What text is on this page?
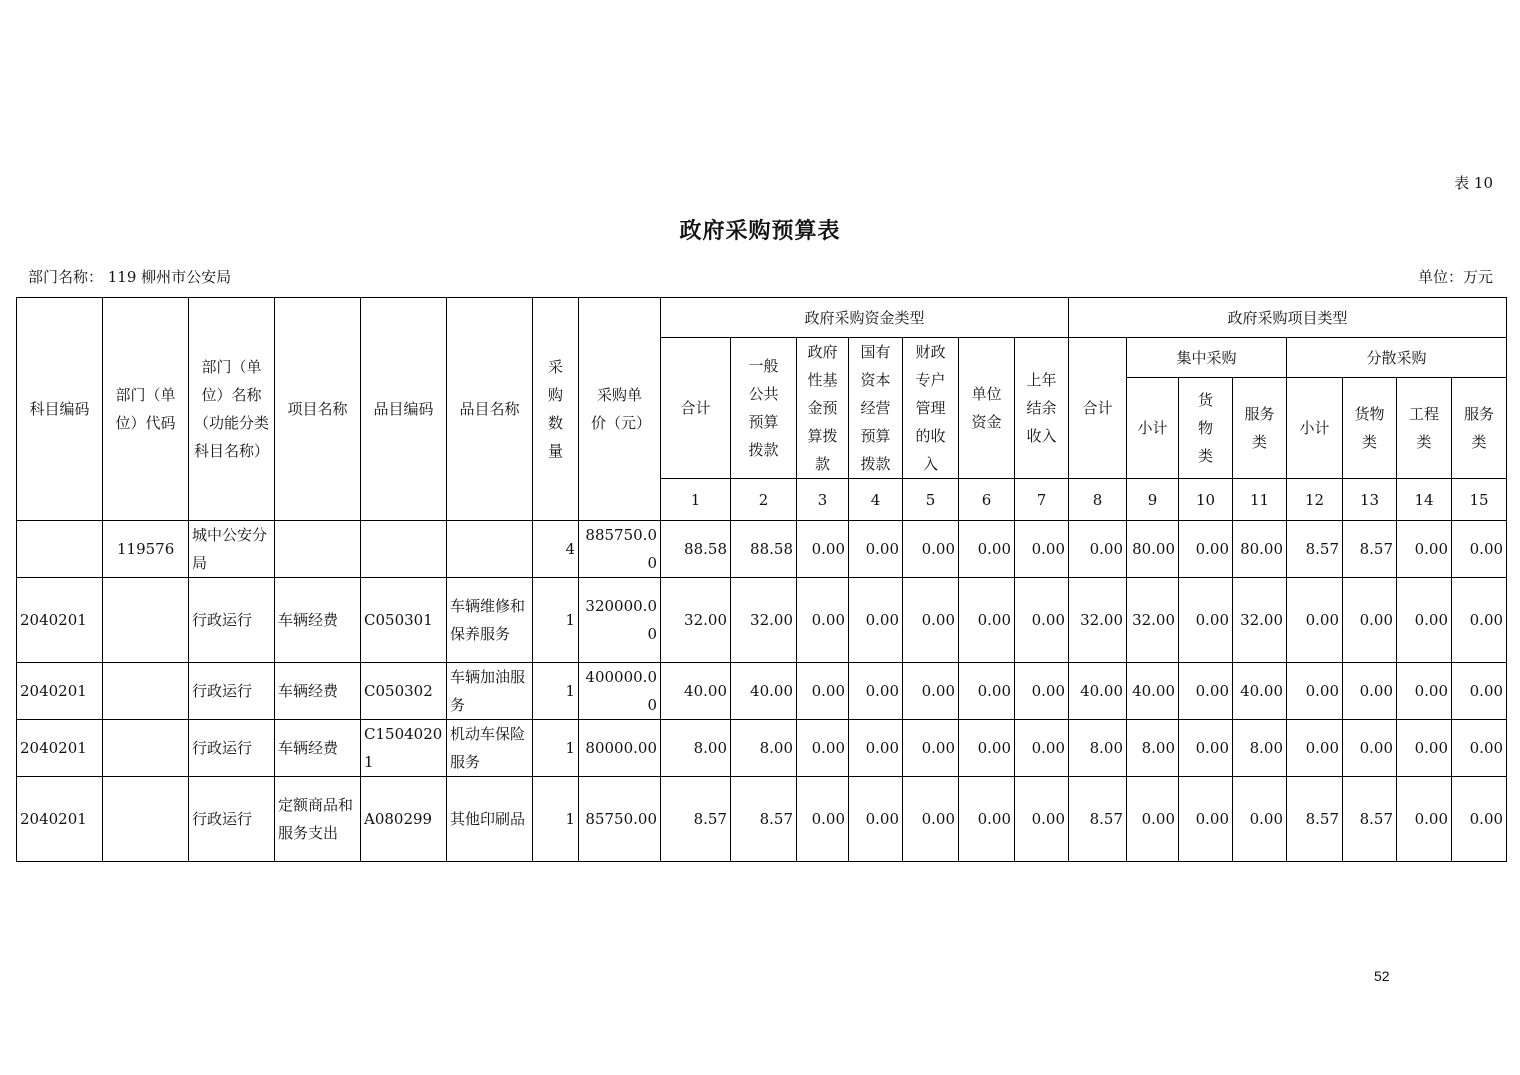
表 10
政府采购预算表
部门名称： 119 柳州市公安局	单位：万元
科目编码	部门（单位）代码	部门（单位）名称（功能分类科目名称）	项目名称	品目编码	品目名称	采购数量	采购单价（元）	政府采购资金类型							政府采购项目类型							
								合计	一般公共预算拨款	政府性基金预算拨款	国有资本经营预算拨款	财政专户管理的收入	单位资金	上年结余收入	合计	集中采购			分散采购			
																小计	货物类	服务类	小计	货物类	工程类	服务类
								1	2	3	4	5	6	7	8	9	10	11	12	13	14	15
	119576	城中公安分局				4	885750.00	88.58	88.58	0.00	0.00	0.00	0.00	0.00	0.00	80.00	0.00	80.00	8.57	8.57	0.00	0.00
2040201		行政运行	车辆经费	C050301	车辆维修和保养服务	1	320000.00	32.00	32.00	0.00	0.00	0.00	0.00	0.00	32.00	32.00	0.00	32.00	0.00	0.00	0.00	0.00
2040201		行政运行	车辆经费	C050302	车辆加油服务	1	400000.00	40.00	40.00	0.00	0.00	0.00	0.00	0.00	40.00	40.00	0.00	40.00	0.00	0.00	0.00	0.00
2040201		行政运行	车辆经费	C15040201	机动车保险服务	1	80000.00	8.00	8.00	0.00	0.00	0.00	0.00	0.00	8.00	8.00	0.00	8.00	0.00	0.00	0.00	0.00
2040201		行政运行	定额商品和服务支出	A080299	其他印刷品	1	85750.00	8.57	8.57	0.00	0.00	0.00	0.00	0.00	8.57	0.00	0.00	0.00	8.57	8.57	0.00	0.00
52
